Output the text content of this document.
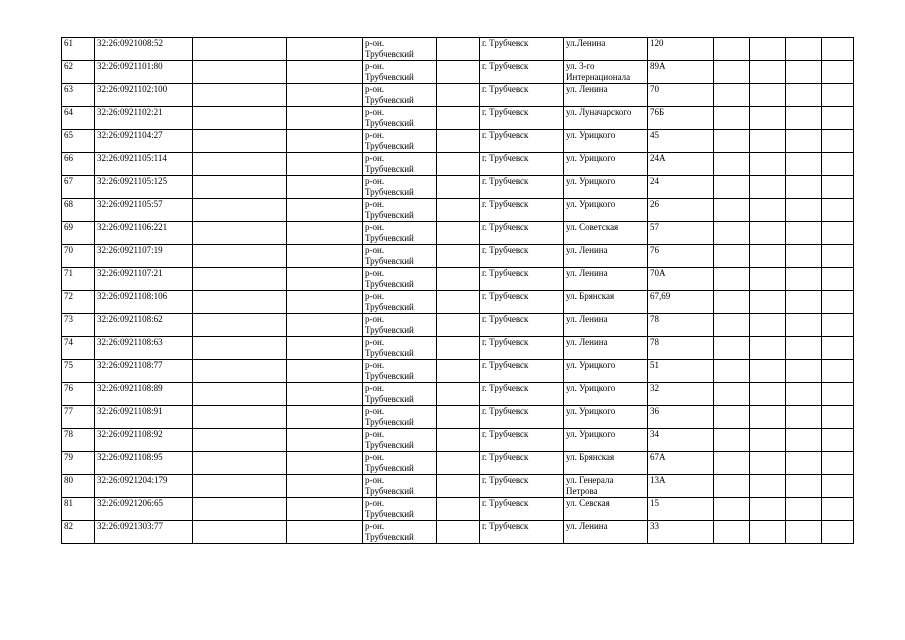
61	32:26:0921008:52			р-он. Трубчевский		г. Трубчевск	ул.Ленина	120				
62	32:26:0921101:80			р-он. Трубчевский		г. Трубчевск	ул. 3-го Интернационала	89А				
63	32:26:0921102:100			р-он. Трубчевский		г. Трубчевск	ул. Ленина	70				
64	32:26:0921102:21			р-он. Трубчевский		г. Трубчевск	ул. Луначарского	76Б				
65	32:26:0921104:27			р-он. Трубчевский		г. Трубчевск	ул. Урицкого	45				
66	32:26:0921105:114			р-он. Трубчевский		г. Трубчевск	ул. Урицкого	24А				
67	32:26:0921105:125			р-он. Трубчевский		г. Трубчевск	ул. Урицкого	24				
68	32:26:0921105:57			р-он. Трубчевский		г. Трубчевск	ул. Урицкого	26				
69	32:26:0921106:221			р-он. Трубчевский		г. Трубчевск	ул. Советская	57				
70	32:26:0921107:19			р-он. Трубчевский		г. Трубчевск	ул. Ленина	76				
71	32:26:0921107:21			р-он. Трубчевский		г. Трубчевск	ул. Ленина	70А				
72	32:26:0921108:106			р-он. Трубчевский		г. Трубчевск	ул. Брянская	67,69				
73	32:26:0921108:62			р-он. Трубчевский		г. Трубчевск	ул. Ленина	78				
74	32:26:0921108:63			р-он. Трубчевский		г. Трубчевск	ул. Ленина	78				
75	32:26:0921108:77			р-он. Трубчевский		г. Трубчевск	ул. Урицкого	51				
76	32:26:0921108:89			р-он. Трубчевский		г. Трубчевск	ул. Урицкого	32				
77	32:26:0921108:91			р-он. Трубчевский		г. Трубчевск	ул. Урицкого	36				
78	32:26:0921108:92			р-он. Трубчевский		г. Трубчевск	ул. Урицкого	34				
79	32:26:0921108:95			р-он. Трубчевский		г. Трубчевск	ул. Брянская	67А				
80	32:26:0921204:179			р-он. Трубчевский		г. Трубчевск	ул. Генерала Петрова	13А				
81	32:26:0921206:65			р-он. Трубчевский		г. Трубчевск	ул. Севская	15				
82	32:26:0921303:77			р-он. Трубчевский		г. Трубчевск	ул. Ленина	33				
